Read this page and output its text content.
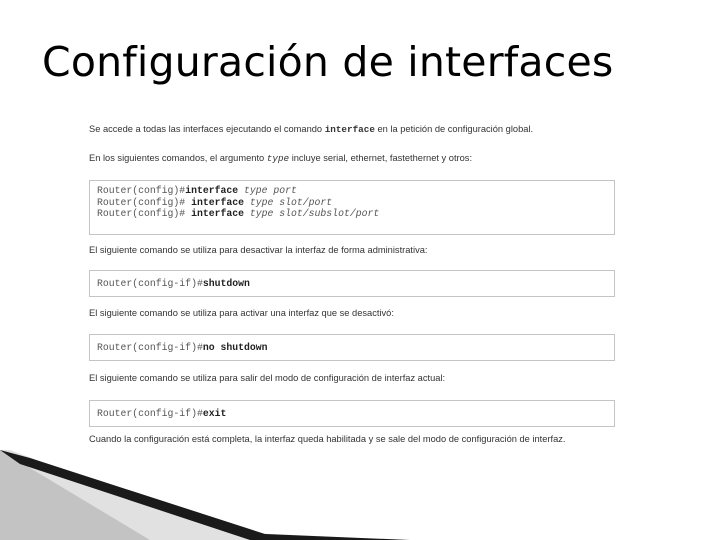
Configuración de interfaces
Se accede a todas las interfaces ejecutando el comando interface en la petición de configuración global.
En los siguientes comandos, el argumento type incluye serial, ethernet, fastethernet y otros:
Router(config)#interface type port
Router(config)# interface type slot/port
Router(config)# interface type slot/subslot/port
El siguiente comando se utiliza para desactivar la interfaz de forma administrativa:
Router(config-if)#shutdown
El siguiente comando se utiliza para activar una interfaz que se desactivó:
Router(config-if)#no shutdown
El siguiente comando se utiliza para salir del modo de configuración de interfaz actual:
Router(config-if)#exit
Cuando la configuración está completa, la interfaz queda habilitada y se sale del modo de configuración de interfaz.
